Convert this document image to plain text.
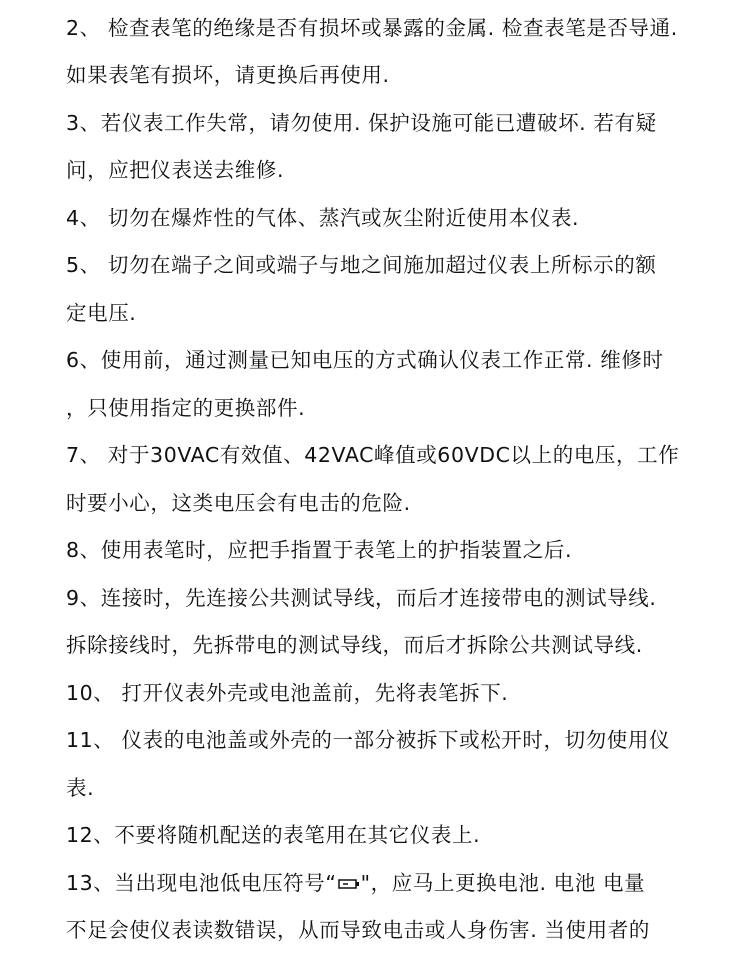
2、 检查表笔的绝缘是否有损坏或暴露的金属. 检查表笔是否导通.
如果表笔有损坏，请更换后再使用.
3、若仪表工作失常，请勿使用. 保护设施可能已遭破坏. 若有疑
问，应把仪表送去维修.
4、 切勿在爆炸性的气体、蒸汽或灰尘附近使用本仪表.
5、 切勿在端子之间或端子与地之间施加超过仪表上所标示的额
定电压.
6、使用前，通过测量已知电压的方式确认仪表工作正常. 维修时
，只使用指定的更换部件.
7、 对于30VAC有效值、42VAC峰值或60VDC以上的电压，工作
时要小心，这类电压会有电击的危险.
8、使用表笔时，应把手指置于表笔上的护指装置之后.
9、连接时，先连接公共测试导线，而后才连接带电的测试导线.
拆除接线时，先拆带电的测试导线，而后才拆除公共测试导线.
10、 打开仪表外壳或电池盖前，先将表笔拆下.
11、 仪表的电池盖或外壳的一部分被拆下或松开时，切勿使用仪
表.
12、不要将随机配送的表笔用在其它仪表上.
13、当出现电池低电压符号“ "，应马上更换电池. 电池 电量
不足会使仪表读数错误，从而导致电击或人身伤害. 当使用者的
